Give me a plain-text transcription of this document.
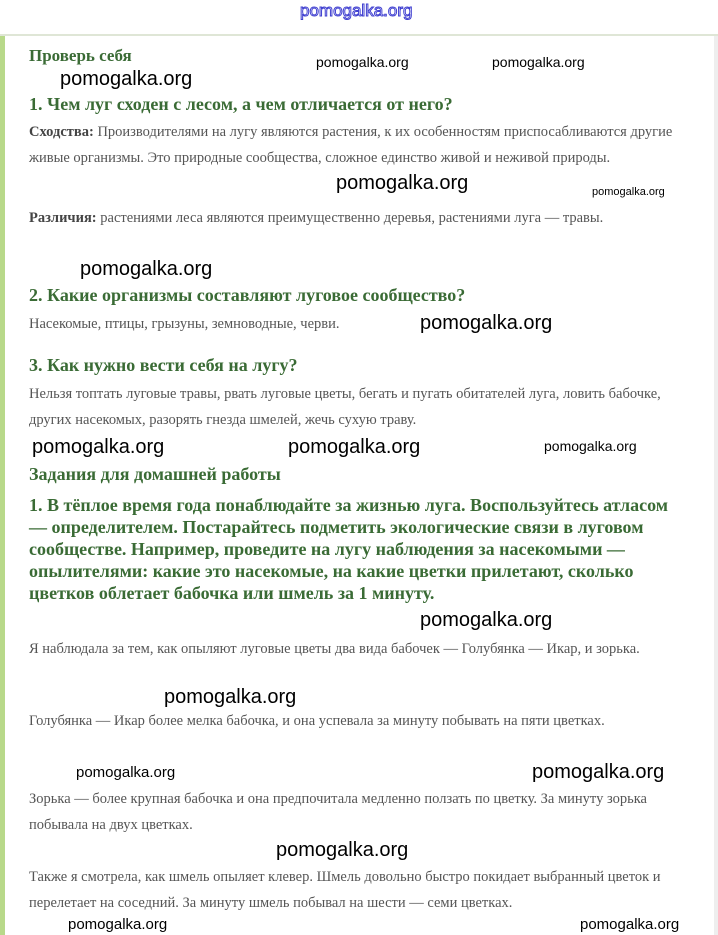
pomogalka.org
Проверь себя
1. Чем луг сходен с лесом, а чем отличается от него?
Сходства: Производителями на лугу являются растения, к их особенностям приспосабливаются другие живые организмы. Это природные сообщества, сложное единство живой и неживой природы.
Различия: растениями леса являются преимущественно деревья, растениями луга — травы.
2. Какие организмы составляют луговое сообщество?
Насекомые, птицы, грызуны, земноводные, черви.
3. Как нужно вести себя на лугу?
Нельзя топтать луговые травы, рвать луговые цветы, бегать и пугать обитателей луга, ловить бабочке, других насекомых, разорять гнезда шмелей, жечь сухую траву.
Задания для домашней работы
1. В тёплое время года понаблюдайте за жизнью луга. Воспользуйтесь атласом — определителем. Постарайтесь подметить экологические связи в луговом сообществе. Например, проведите на лугу наблюдения за насекомыми — опылителями: какие это насекомые, на какие цветки прилетают, сколько цветков облетает бабочка или шмель за 1 минуту.
Я наблюдала за тем, как опыляют луговые цветы два вида бабочек — Голубянка — Икар, и зорька.
Голубянка — Икар более мелка бабочка, и она успевала за минуту побывать на пяти цветках.
Зорька — более крупная бабочка и она предпочитала медленно ползать по цветку. За минуту зорька побывала на двух цветках.
Также я смотрела, как шмель опыляет клевер. Шмель довольно быстро покидает выбранный цветок и перелетает на соседний. За минуту шмель побывал на шести — семи цветках.
pomogalka.org
pomogalka.org	pomogalka.org
pomogalka.org	pomogalka.org
pomogalka.org
pomogalka.org
pomogalka.org	pomogalka.org	pomogalka.org
pomogalka.org
pomogalka.org
pomogalka.org
pomogalka.org
pomogalka.org
pomogalka.org	pomogalka.org
